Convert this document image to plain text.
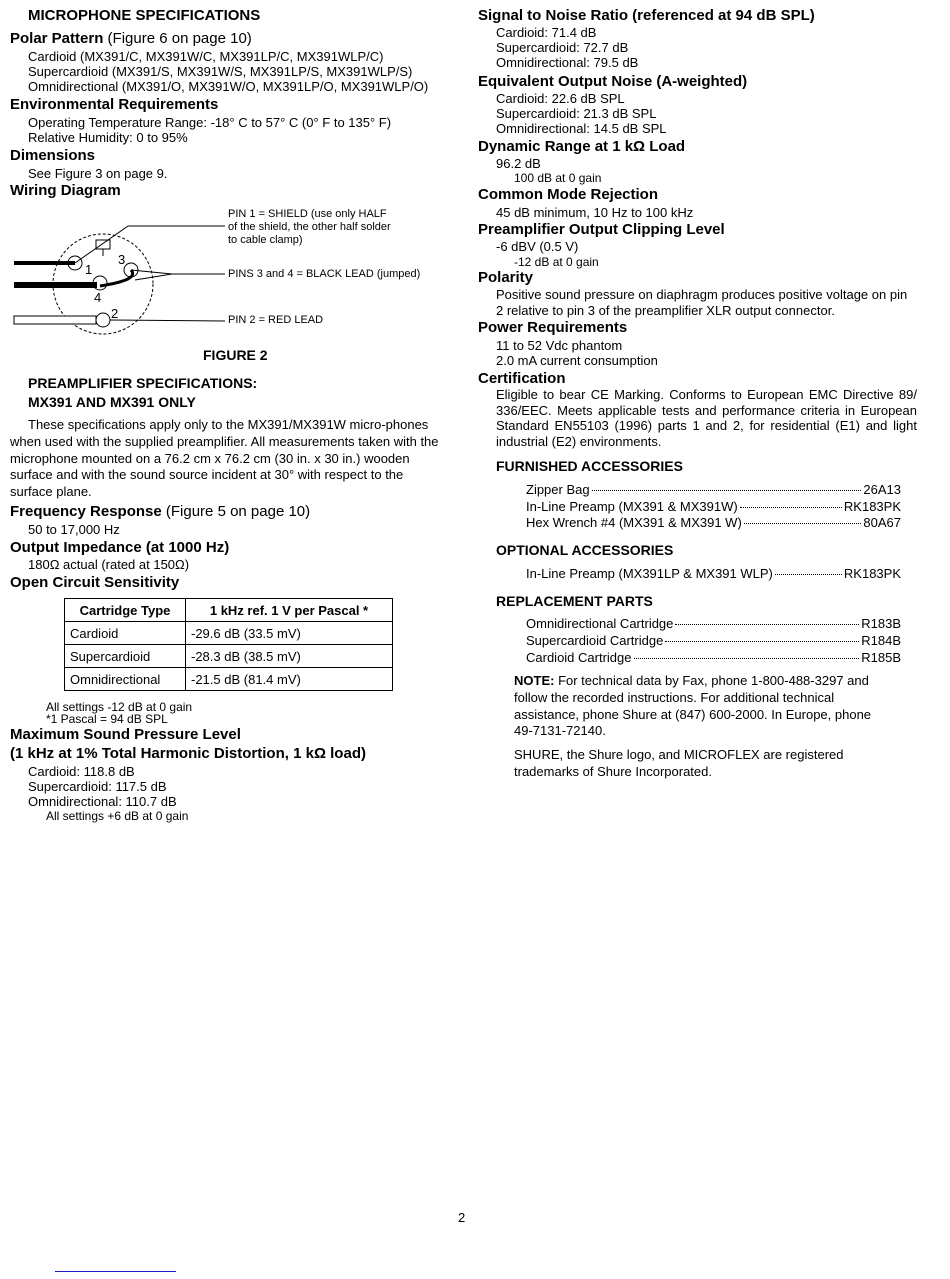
MICROPHONE SPECIFICATIONS
Polar Pattern (Figure 6 on page 10)
Cardioid (MX391/C, MX391W/C, MX391LP/C, MX391WLP/C)
Supercardioid (MX391/S, MX391W/S, MX391LP/S, MX391WLP/S)
Omnidirectional (MX391/O, MX391W/O, MX391LP/O, MX391WLP/O)
Environmental Requirements
Operating Temperature Range: -18° C to 57° C (0° F to 135° F)
Relative Humidity: 0 to 95%
Dimensions
See Figure 3 on page 9.
Wiring Diagram
1
3
4
2
PIN 1 = SHIELD (use only HALF
of the shield, the other half solder
to cable clamp)
PINS 3 and 4 = BLACK LEAD (jumped)
PIN 2 = RED LEAD
FIGURE 2
PREAMPLIFIER SPECIFICATIONS:
MX391 AND MX391 ONLY
These specifications apply only to the MX391/MX391W micro-phones when used with the supplied preamplifier. All measurements taken with the microphone mounted on a 76.2 cm x 76.2 cm (30 in. x 30 in.) wooden surface and with the sound source incident at 30° with respect to the surface plane.
Frequency Response (Figure 5 on page 10)
50 to 17,000 Hz
Output Impedance (at 1000 Hz)
180Ω actual (rated at 150Ω)
Open Circuit Sensitivity
Cartridge Type	1 kHz ref. 1 V per Pascal *
Cardioid	-29.6 dB (33.5 mV)
Supercardioid	-28.3 dB (38.5 mV)
Omnidirectional	-21.5 dB (81.4 mV)
All settings -12 dB at 0 gain
*1 Pascal = 94 dB SPL
Maximum Sound Pressure Level
(1 kHz at 1% Total Harmonic Distortion, 1 kΩ load)
Cardioid: 118.8 dB
Supercardioid: 117.5 dB
Omnidirectional: 110.7 dB
All settings +6 dB at 0 gain
Signal to Noise Ratio (referenced at 94 dB SPL)
Cardioid: 71.4 dB
Supercardioid: 72.7 dB
Omnidirectional: 79.5 dB
Equivalent Output Noise (A-weighted)
Cardioid: 22.6 dB SPL
Supercardioid: 21.3 dB SPL
Omnidirectional: 14.5 dB SPL
Dynamic Range at 1 kΩ Load
96.2 dB
100 dB at 0 gain
Common Mode Rejection
45 dB minimum, 10 Hz to 100 kHz
Preamplifier Output Clipping Level
-6 dBV (0.5 V)
-12 dB at 0 gain
Polarity
Positive sound pressure on diaphragm produces positive voltage on pin 2 relative to pin 3 of the preamplifier XLR output connector.
Power Requirements
11 to 52 Vdc phantom
2.0 mA current consumption
Certification
Eligible to bear CE Marking. Conforms to European EMC Directive 89/ 336/EEC. Meets applicable tests and performance criteria in European Standard EN55103 (1996) parts 1 and 2, for residential (E1) and light industrial (E2) environments.
FURNISHED ACCESSORIES
Zipper Bag	26A13
In-Line Preamp (MX391 & MX391W)	RK183PK
Hex Wrench #4 (MX391 & MX391 W)	80A67
OPTIONAL ACCESSORIES
In-Line Preamp (MX391LP & MX391 WLP)	RK183PK
REPLACEMENT PARTS
Omnidirectional Cartridge	R183B
Supercardioid Cartridge	R184B
Cardioid Cartridge	R185B
NOTE: For technical data by Fax, phone 1-800-488-3297 and follow the recorded instructions. For additional technical assistance, phone Shure at (847) 600-2000. In Europe, phone 49-7131-72140.
SHURE, the Shure logo, and MICROFLEX are registered trademarks of Shure Incorporated.
2
